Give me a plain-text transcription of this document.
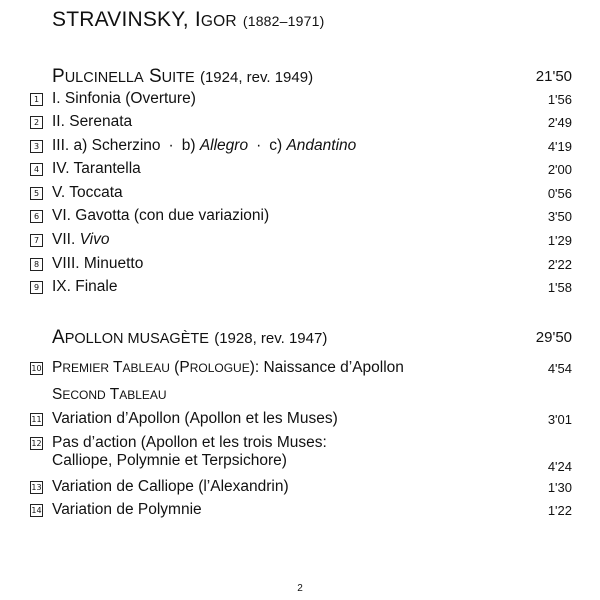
STRAVINSKY, IGOR (1882–1971)
PULCINELLA SUITE (1924, rev. 1949)	21'50
1 I. Sinfonia (Overture)	1'56
2 II. Serenata	2'49
3 III. a) Scherzino · b) Allegro · c) Andantino	4'19
4 IV. Tarantella	2'00
5 V. Toccata	0'56
6 VI. Gavotta (con due variazioni)	3'50
7 VII. Vivo	1'29
8 VIII. Minuetto	2'22
9 IX. Finale	1'58
APOLLON MUSAGÈTE (1928, rev. 1947)	29'50
10 PREMIER TABLEAU (PROLOGUE): Naissance d’Apollon	4'54
SECOND TABLEAU
11 Variation d’Apollon (Apollon et les Muses)	3'01
12 Pas d’action (Apollon et les trois Muses:
Calliope, Polymnie et Terpsichore)	4'24
13 Variation de Calliope (l’Alexandrin)	1'30
14 Variation de Polymnie	1'22
2
